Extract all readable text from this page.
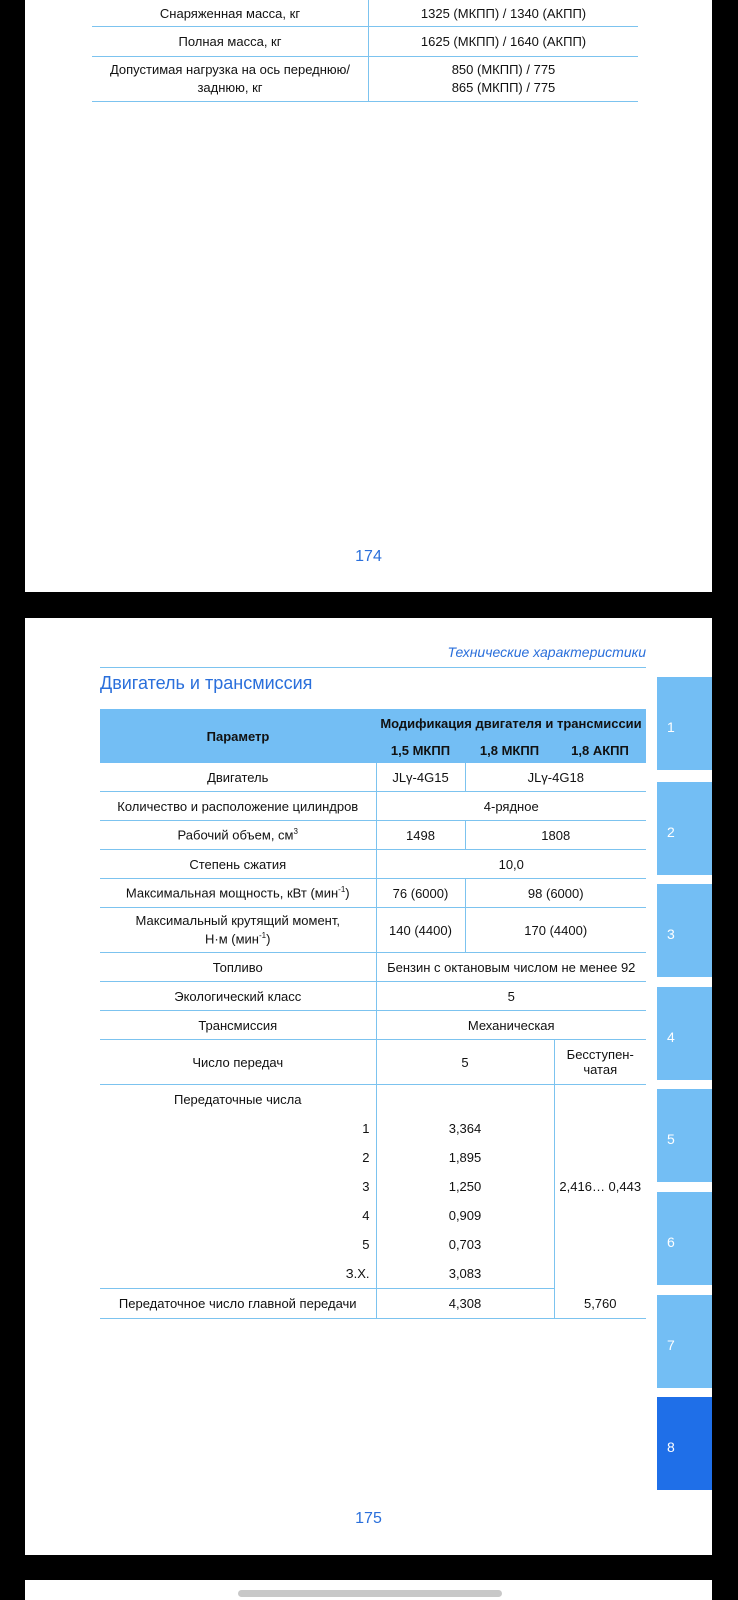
Снаряженная масса, кг	1325 (МКПП) / 1340 (АКПП)
Полная масса, кг	1625 (МКПП) / 1640 (АКПП)
Допустимая нагрузка на ось переднюю/
заднюю, кг	850 (МКПП) / 775
865 (МКПП) / 775
174
Технические характеристики
Двигатель и трансмиссия
Параметр	Модификация двигателя и трансмиссии		
	1,5 МКПП	1,8 МКПП	1,8 АКПП
Двигатель	JLγ-4G15	JLγ-4G18	
Количество и расположение цилиндров	4-рядное		
Рабочий объем, $см^3$	1498	1808	
Степень сжатия	10,0		
Максимальная мощность, кВт (мин$^{-1}$)	76 (6000)	98 (6000)	
Максимальный крутящий момент,
Н·м (мин$^{-1}$)	140 (4400)	170 (4400)	
Топливо	Бензин с октановым числом не менее 92		
Экологический класс	5		
Трансмиссия	Механическая		
Число передач	5		Бесступен-
чатая
Передаточные числа			2,416… 0,443
1	3,364		
2	1,895		
3	1,250		
4	0,909		
5	0,703		
З.Х.	3,083		
Передаточное число главной передачи	4,308		5,760
1
2
3
4
5
6
7
8
175
